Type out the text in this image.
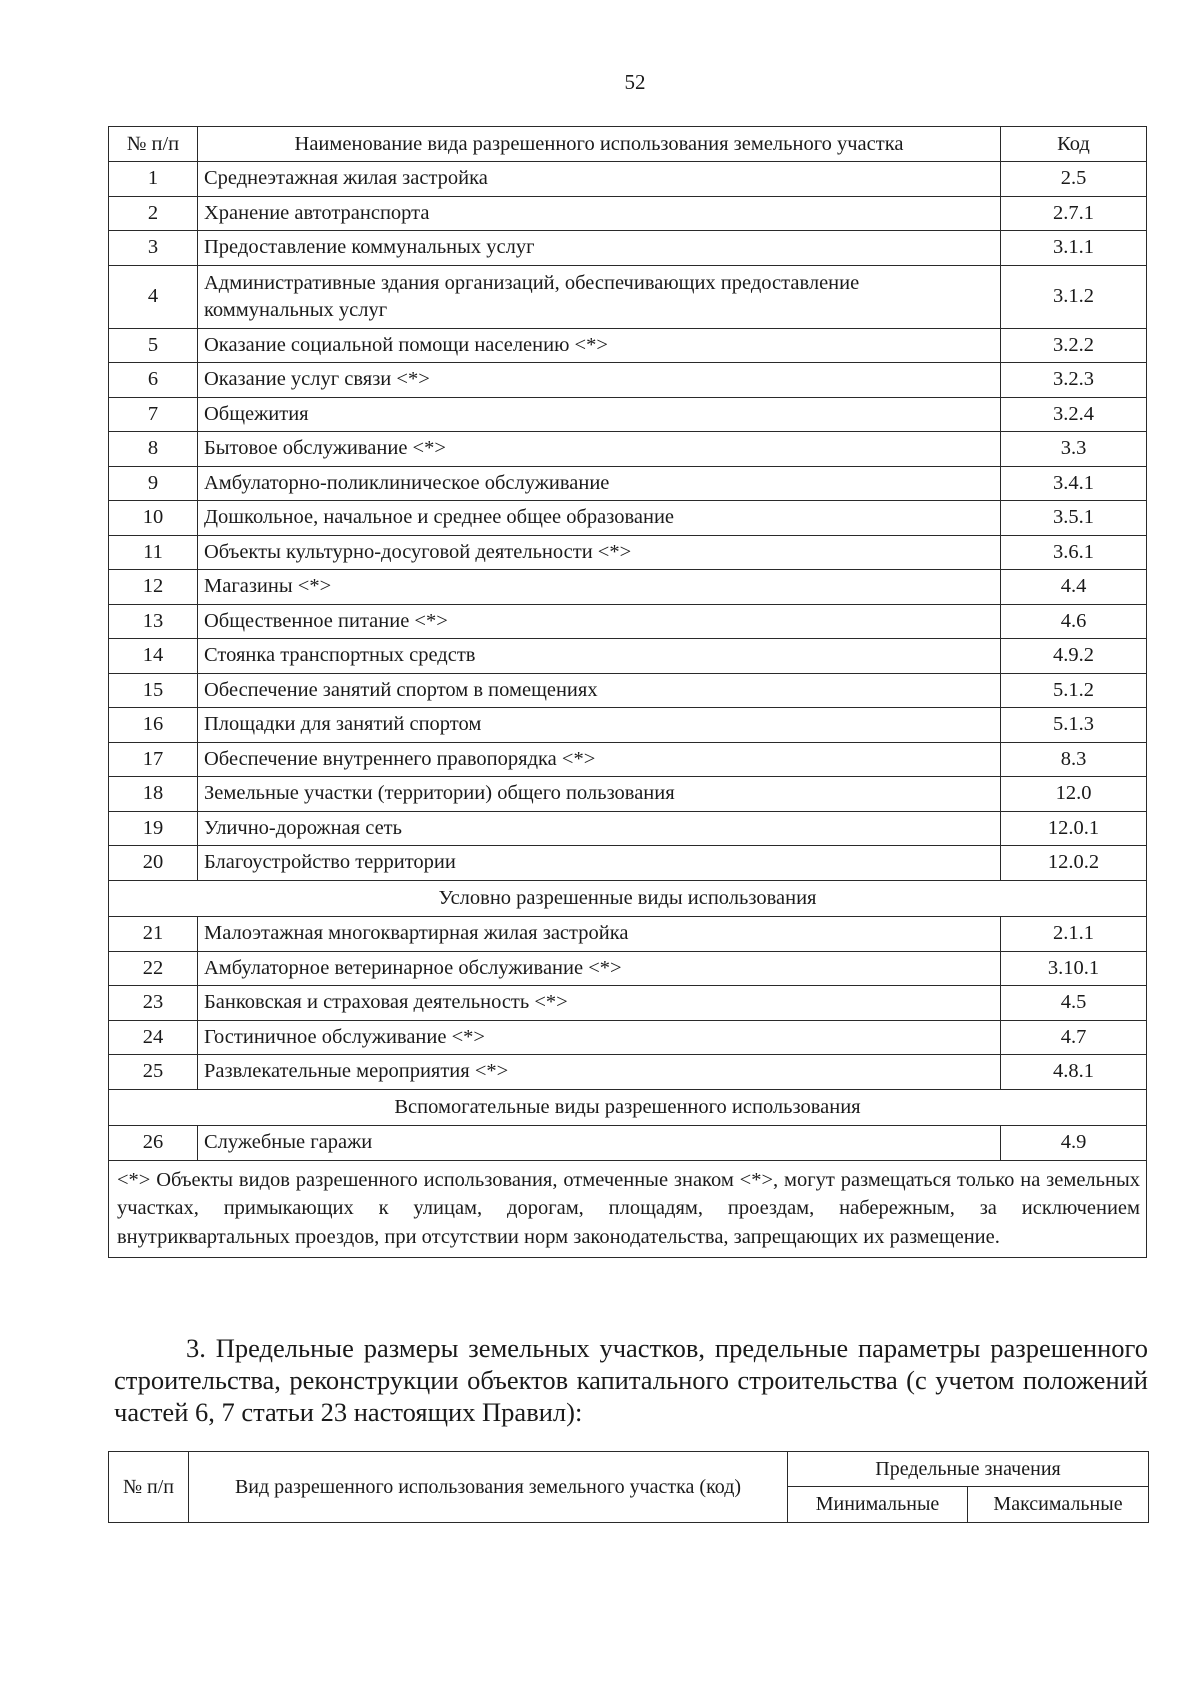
52
№ п/п	Наименование вида разрешенного использования земельного участка	Код
1	Среднеэтажная жилая застройка	2.5
2	Хранение автотранспорта	2.7.1
3	Предоставление коммунальных услуг	3.1.1
4	Административные здания организаций, обеспечивающих предоставление коммунальных услуг	3.1.2
5	Оказание социальной помощи населению <*>	3.2.2
6	Оказание услуг связи <*>	3.2.3
7	Общежития	3.2.4
8	Бытовое обслуживание <*>	3.3
9	Амбулаторно-поликлиническое обслуживание	3.4.1
10	Дошкольное, начальное и среднее общее образование	3.5.1
11	Объекты культурно-досуговой деятельности <*>	3.6.1
12	Магазины <*>	4.4
13	Общественное питание <*>	4.6
14	Стоянка транспортных средств	4.9.2
15	Обеспечение занятий спортом в помещениях	5.1.2
16	Площадки для занятий спортом	5.1.3
17	Обеспечение внутреннего правопорядка <*>	8.3
18	Земельные участки (территории) общего пользования	12.0
19	Улично-дорожная сеть	12.0.1
20	Благоустройство территории	12.0.2
Условно разрешенные виды использования		
21	Малоэтажная многоквартирная жилая застройка	2.1.1
22	Амбулаторное ветеринарное обслуживание <*>	3.10.1
23	Банковская и страховая деятельность <*>	4.5
24	Гостиничное обслуживание <*>	4.7
25	Развлекательные мероприятия <*>	4.8.1
Вспомогательные виды разрешенного использования		
26	Служебные гаражи	4.9
<*> Объекты видов разрешенного использования, отмеченные знаком <*>, могут размещаться только на земельных участках, примыкающих к улицам, дорогам, площадям, проездам, набережным, за исключением внутриквартальных проездов, при отсутствии норм законодательства, запрещающих их размещение.		
3. Предельные размеры земельных участков, предельные параметры разрешенного строительства, реконструкции объектов капитального строительства (с учетом положений частей 6, 7 статьи 23 настоящих Правил):
№ п/п	Вид разрешенного использования земельного участка (код)	Предельные значения	
		Минимальные	Максимальные
